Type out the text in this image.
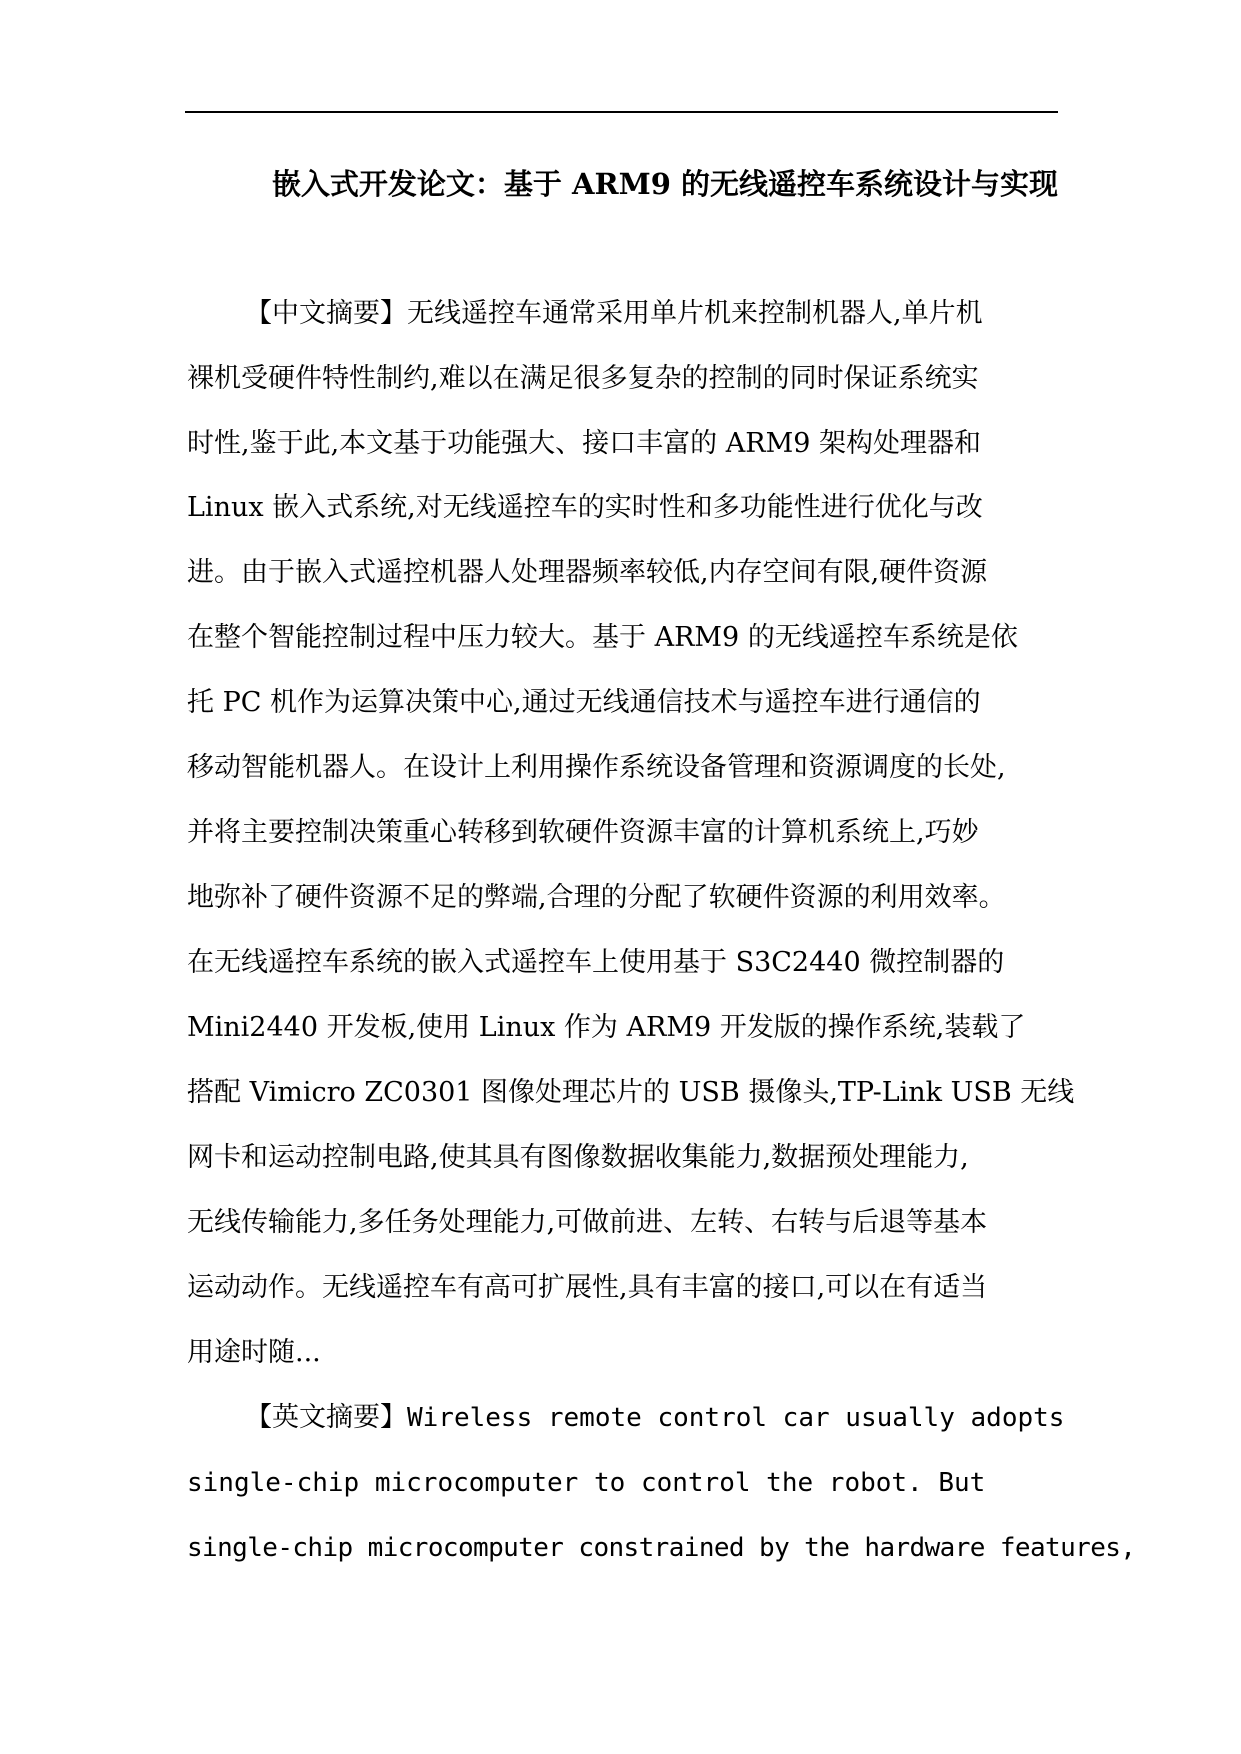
嵌入式开发论文：基于 ARM9 的无线遥控车系统设计与实现
【中文摘要】无线遥控车通常采用单片机来控制机器人,单片机
裸机受硬件特性制约,难以在满足很多复杂的控制的同时保证系统实
时性,鉴于此,本文基于功能强大、接口丰富的 ARM9 架构处理器和
Linux 嵌入式系统,对无线遥控车的实时性和多功能性进行优化与改
进。由于嵌入式遥控机器人处理器频率较低,内存空间有限,硬件资源
在整个智能控制过程中压力较大。基于 ARM9 的无线遥控车系统是依
托 PC 机作为运算决策中心,通过无线通信技术与遥控车进行通信的
移动智能机器人。在设计上利用操作系统设备管理和资源调度的长处,
并将主要控制决策重心转移到软硬件资源丰富的计算机系统上,巧妙
地弥补了硬件资源不足的弊端,合理的分配了软硬件资源的利用效率。
在无线遥控车系统的嵌入式遥控车上使用基于 S3C2440 微控制器的
Mini2440 开发板,使用 Linux 作为 ARM9 开发版的操作系统,装载了
搭配 Vimicro ZC0301 图像处理芯片的 USB 摄像头,TP-Link USB 无线
网卡和运动控制电路,使其具有图像数据收集能力,数据预处理能力,
无线传输能力,多任务处理能力,可做前进、左转、右转与后退等基本
运动动作。无线遥控车有高可扩展性,具有丰富的接口,可以在有适当
用途时随...
【英文摘要】Wireless remote control car usually adopts
single-chip microcomputer to control the robot. But
single-chip microcomputer constrained by the hardware features,
